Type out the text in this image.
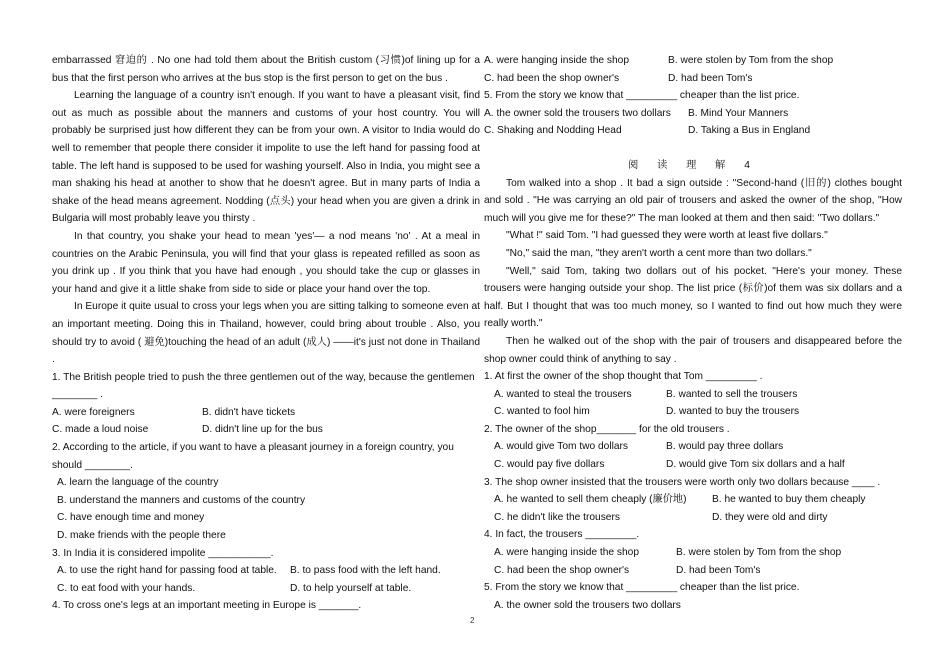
embarrassed 窘迫的 . No one had told them about the British custom (习惯)of lining up for a bus that the first person who arrives at the bus stop is the first person to get on the bus .

Learning the language of a country isn't enough. If you want to have a pleasant visit, find out as much as possible about the manners and customs of your host country. You will probably be surprised just how different they can be from your own. A visitor to India would do well to remember that people there consider it impolite to use the left hand for passing food at table. The left hand is supposed to be used for washing yourself. Also in India, you might see a man shaking his head at another to show that he doesn't agree. But in many parts of India a shake of the head means agreement. Nodding (点头) your head when you are given a drink in Bulgaria will most probably leave you thirsty .

In that country, you shake your head to mean 'yes'— a nod means 'no' . At a meal in countries on the Arabic Peninsula, you will find that your glass is repeated refilled as soon as you drink up . If you think that you have had enough , you should take the cup or glasses in your hand and give it a little shake from side to side or place your hand over the top.

In Europe it quite usual to cross your legs when you are sitting talking to someone even at an important meeting. Doing this in Thailand, however, could bring about trouble . Also, you should try to avoid ( 避免)touching the head of an adult (成人) ——it's just not done in Thailand .

1. The British people tried to push the three gentlemen out of the way, because the gentlemen ________ .

A. were foreigners	B. didn't have tickets
C. made a loud noise	D. didn't line up for the bus

2. According to the article, if you want to have a pleasant journey in a foreign country, you should ________.

A. learn the language of the country
B. understand the manners and customs of the country
C. have enough time and money
D. make friends with the people there

3. In India it is considered impolite ___________.

A. to use the right hand for passing food at table.	B. to pass food with the left hand.
C. to eat food with your hands.	D. to help yourself at table.

4. To cross one's legs at an important meeting in Europe is _______.

A. were hanging inside the shop	B. were stolen by Tom from the shop
C. had been the shop owner's	D. had been Tom's

5. From the story we know that _________ cheaper than the list price.

A. the owner sold the trousers two dollars	B. Mind Your Manners
C. Shaking and Nodding Head	D. Taking a Bus in England

阅 读 理 解 4

Tom walked into a shop . It bad a sign outside : "Second-hand (旧的) clothes bought and sold . "He was carrying an old pair of trousers and asked the owner of the shop, "How much will you give me for these?" The man looked at them and then said: "Two dollars."

"What !" said Tom. "I had guessed they were worth at least five dollars."

"No," said the man, "they aren't worth a cent more than two dollars."

"Well," said Tom, taking two dollars out of his pocket. "Here's your money. These trousers were hanging outside your shop. The list price (标价)of them was six dollars and a half. But I thought that was too much money, so I wanted to find out how much they were really worth."

Then he walked out of the shop with the pair of trousers and disappeared before the shop owner could think of anything to say .

1. At first the owner of the shop thought that Tom _________ .

A. wanted to steal the trousers	B. wanted to sell the trousers
C. wanted to fool him	D. wanted to buy the trousers

2. The owner of the shop_______ for the old trousers .

A. would give Tom two dollars	B. would pay three dollars
C. would pay five dollars	D. would give Tom six dollars and a half

3. The shop owner insisted that the trousers were worth only two dollars because ____ .

A. he wanted to sell them cheaply (廉价地)	B. he wanted to buy them cheaply
C. he didn't like the trousers	D. they were old and dirty

4. In fact, the trousers _________.

A. were hanging inside the shop	B. were stolen by Tom from the shop
C. had been the shop owner's	D. had been Tom's

5. From the story we know that _________ cheaper than the list price.

A. the owner sold the trousers two dollars
2
